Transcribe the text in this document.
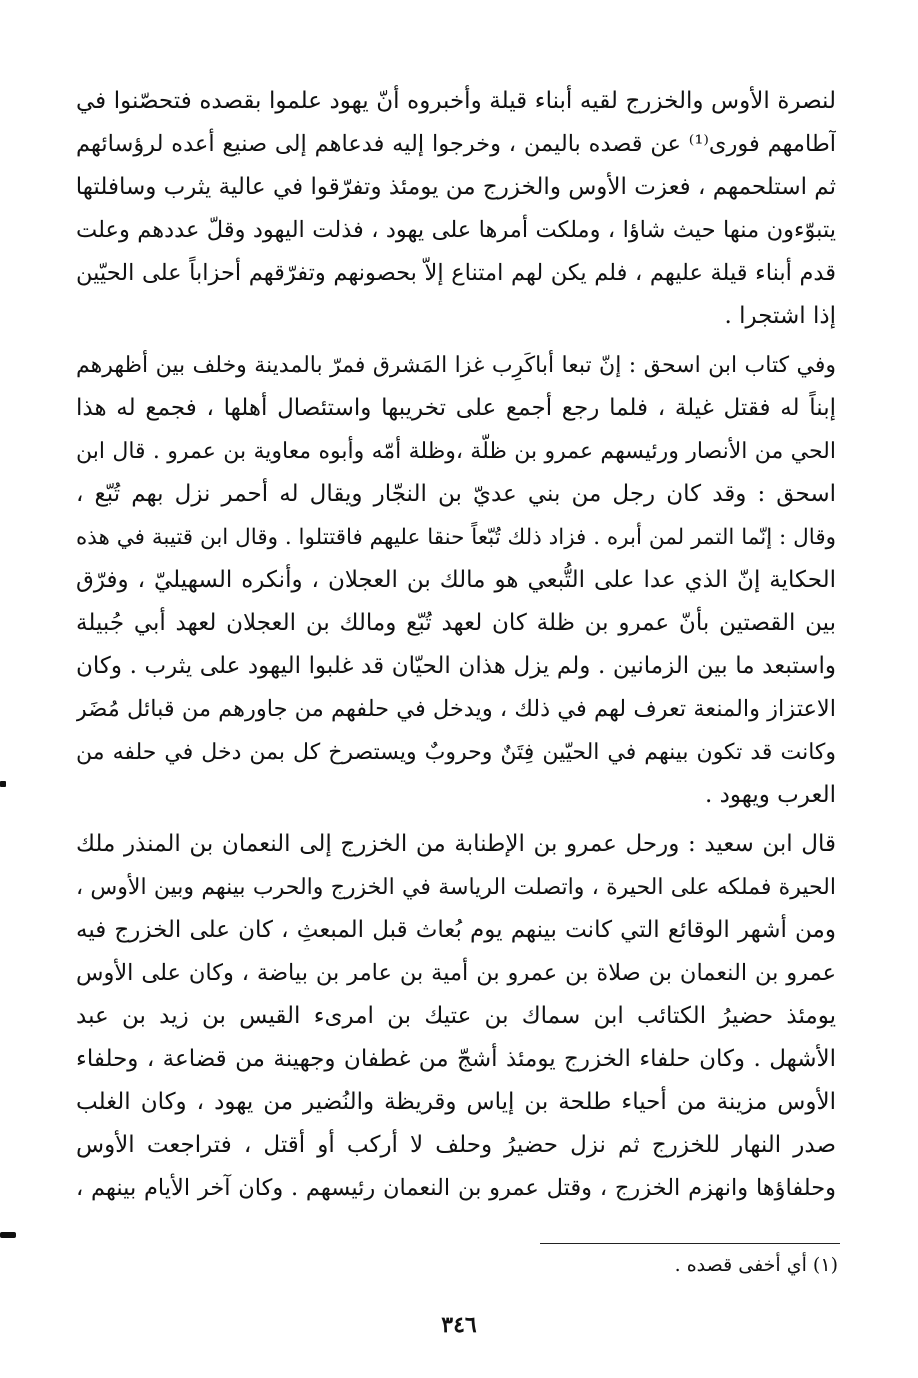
لنصرة الأوس والخزرج لقيه أبناء قيلة وأخبروه أنّ يهود علموا بقصده فتحصّنوا في
آطامهم فورى⁽¹⁾ عن قصده باليمن ، وخرجوا إليه فدعاهم إلى صنيع أعده لرؤسائهم
ثم استلحمهم ، فعزت الأوس والخزرج من يومئذ وتفرّقوا في عالية يثرب وسافلتها
يتبوّءون منها حيث شاؤا ، وملكت أمرها على يهود ، فذلت اليهود وقلّ عددهم وعلت
قدم أبناء قيلة عليهم ، فلم يكن لهم امتناع إلاّ بحصونهم وتفرّقهم أحزاباً على الحيّين
إذا اشتجرا .
وفي كتاب ابن اسحق : إنّ تبعا أباكَرِب غزا المَشرق فمرّ بالمدينة وخلف بين أظهرهم
إبناً له فقتل غيلة ، فلما رجع أجمع على تخريبها واستئصال أهلها ، فجمع له هذا
الحي من الأنصار ورئيسهم عمرو بن ظلّة ،وظلة أمّه وأبوه معاوية بن عمرو . قال ابن
اسحق : وقد كان رجل من بني عديّ بن النجّار ويقال له أحمر نزل بهم تُبّع ،
وقال : إنّما التمر لمن أبره . فزاد ذلك تُبّعاً حنقا عليهم فاقتتلوا . وقال ابن قتيبة في هذه
الحكاية إنّ الذي عدا على التُّبعي هو مالك بن العجلان ، وأنكره السهيليّ ، وفرّق
بين القصتين بأنّ عمرو بن ظلة كان لعهد تُبّع ومالك بن العجلان لعهد أبي جُبيلة
واستبعد ما بين الزمانين . ولم يزل هذان الحيّان قد غلبوا اليهود على يثرب . وكان
الاعتزاز والمنعة تعرف لهم في ذلك ، ويدخل في حلفهم من جاورهم من قبائل مُضَر
وكانت قد تكون بينهم في الحيّين فِتَنٌ وحروبٌ ويستصرخ كل بمن دخل في حلفه من
العرب ويهود .
قال ابن سعيد : ورحل عمرو بن الإطنابة من الخزرج إلى النعمان بن المنذر ملك
الحيرة فملكه على الحيرة ، واتصلت الرياسة في الخزرج والحرب بينهم وبين الأوس ،
ومن أشهر الوقائع التي كانت بينهم يوم بُعاث قبل المبعثِ ، كان على الخزرج فيه
عمرو بن النعمان بن صلاة بن عمرو بن أمية بن عامر بن بياضة ، وكان على الأوس
يومئذ حضيرُ الكتائب ابن سماك بن عتيك بن امرىء القيس بن زيد بن عبد
الأشهل . وكان حلفاء الخزرج يومئذ أشجّ من غطفان وجهينة من قضاعة ، وحلفاء
الأوس مزينة من أحياء طلحة بن إياس وقريظة والنُضير من يهود ، وكان الغلب
صدر النهار للخزرج ثم نزل حضيرُ وحلف لا أركب أو أقتل ، فتراجعت الأوس
وحلفاؤها وانهزم الخزرج ، وقتل عمرو بن النعمان رئيسهم . وكان آخر الأيام بينهم ،
(١) أي أخفى قصده .
٣٤٦
